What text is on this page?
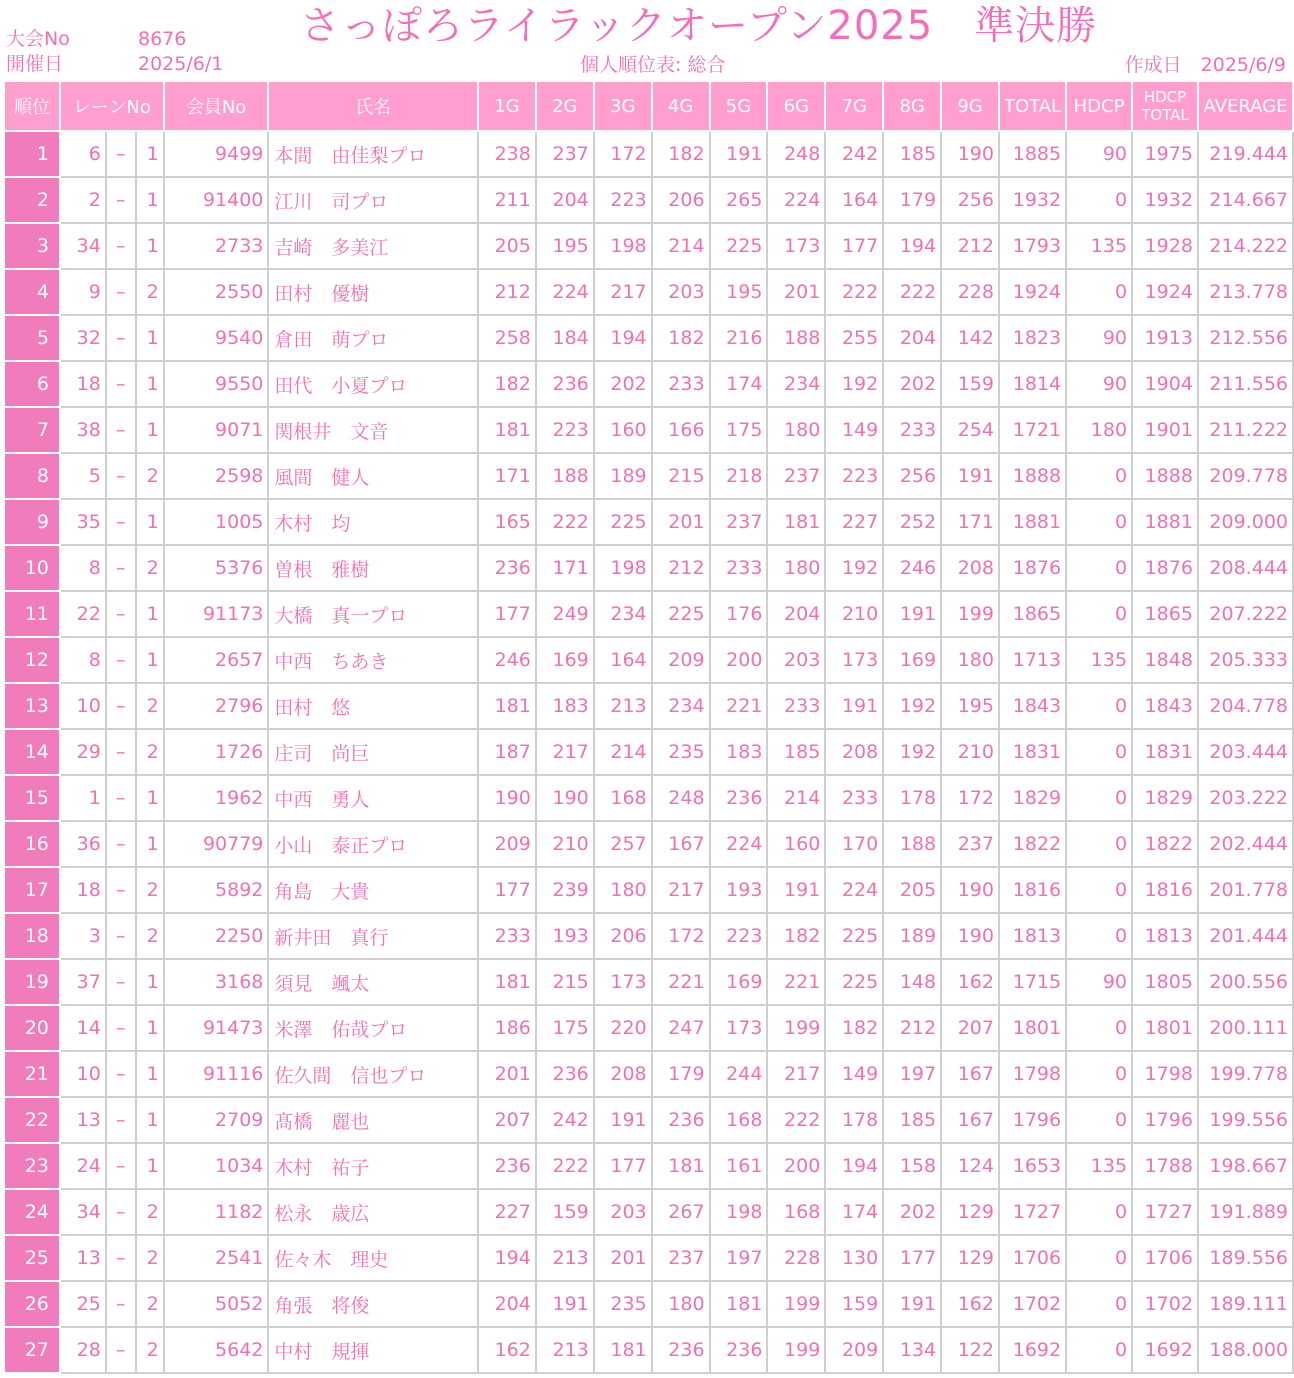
大会No	8676
開催日	2025/6/1
さっぽろライラックオープン2025　準決勝
個人順位表: 総合	作成日　2025/6/9
順位	レーンNo			会員No	氏名	1G	2G	3G	4G	5G	6G	7G	8G	9G	TOTAL	HDCP	HDCP TOTAL	AVERAGE
1	6	–	1	9499	本間　由佳梨プロ	238	237	172	182	191	248	242	185	190	1885	90	1975	219.444
2	2	–	1	91400	江川　司プロ	211	204	223	206	265	224	164	179	256	1932	0	1932	214.667
3	34	–	1	2733	吉崎　多美江	205	195	198	214	225	173	177	194	212	1793	135	1928	214.222
4	9	–	2	2550	田村　優樹	212	224	217	203	195	201	222	222	228	1924	0	1924	213.778
5	32	–	1	9540	倉田　萌プロ	258	184	194	182	216	188	255	204	142	1823	90	1913	212.556
6	18	–	1	9550	田代　小夏プロ	182	236	202	233	174	234	192	202	159	1814	90	1904	211.556
7	38	–	1	9071	関根井　文音	181	223	160	166	175	180	149	233	254	1721	180	1901	211.222
8	5	–	2	2598	風間　健人	171	188	189	215	218	237	223	256	191	1888	0	1888	209.778
9	35	–	1	1005	木村　均	165	222	225	201	237	181	227	252	171	1881	0	1881	209.000
10	8	–	2	5376	曽根　雅樹	236	171	198	212	233	180	192	246	208	1876	0	1876	208.444
11	22	–	1	91173	大橋　真一プロ	177	249	234	225	176	204	210	191	199	1865	0	1865	207.222
12	8	–	1	2657	中西　ちあき	246	169	164	209	200	203	173	169	180	1713	135	1848	205.333
13	10	–	2	2796	田村　悠	181	183	213	234	221	233	191	192	195	1843	0	1843	204.778
14	29	–	2	1726	庄司　尚巨	187	217	214	235	183	185	208	192	210	1831	0	1831	203.444
15	1	–	1	1962	中西　勇人	190	190	168	248	236	214	233	178	172	1829	0	1829	203.222
16	36	–	1	90779	小山　泰正プロ	209	210	257	167	224	160	170	188	237	1822	0	1822	202.444
17	18	–	2	5892	角島　大貴	177	239	180	217	193	191	224	205	190	1816	0	1816	201.778
18	3	–	2	2250	新井田　真行	233	193	206	172	223	182	225	189	190	1813	0	1813	201.444
19	37	–	1	3168	須見　颯太	181	215	173	221	169	221	225	148	162	1715	90	1805	200.556
20	14	–	1	91473	米澤　佑哉プロ	186	175	220	247	173	199	182	212	207	1801	0	1801	200.111
21	10	–	1	91116	佐久間　信也プロ	201	236	208	179	244	217	149	197	167	1798	0	1798	199.778
22	13	–	1	2709	髙橋　麗也	207	242	191	236	168	222	178	185	167	1796	0	1796	199.556
23	24	–	1	1034	木村　祐子	236	222	177	181	161	200	194	158	124	1653	135	1788	198.667
24	34	–	2	1182	松永　歳広	227	159	203	267	198	168	174	202	129	1727	0	1727	191.889
25	13	–	2	2541	佐々木　理史	194	213	201	237	197	228	130	177	129	1706	0	1706	189.556
26	25	–	2	5052	角張　将俊	204	191	235	180	181	199	159	191	162	1702	0	1702	189.111
27	28	–	2	5642	中村　規揮	162	213	181	236	236	199	209	134	122	1692	0	1692	188.000
